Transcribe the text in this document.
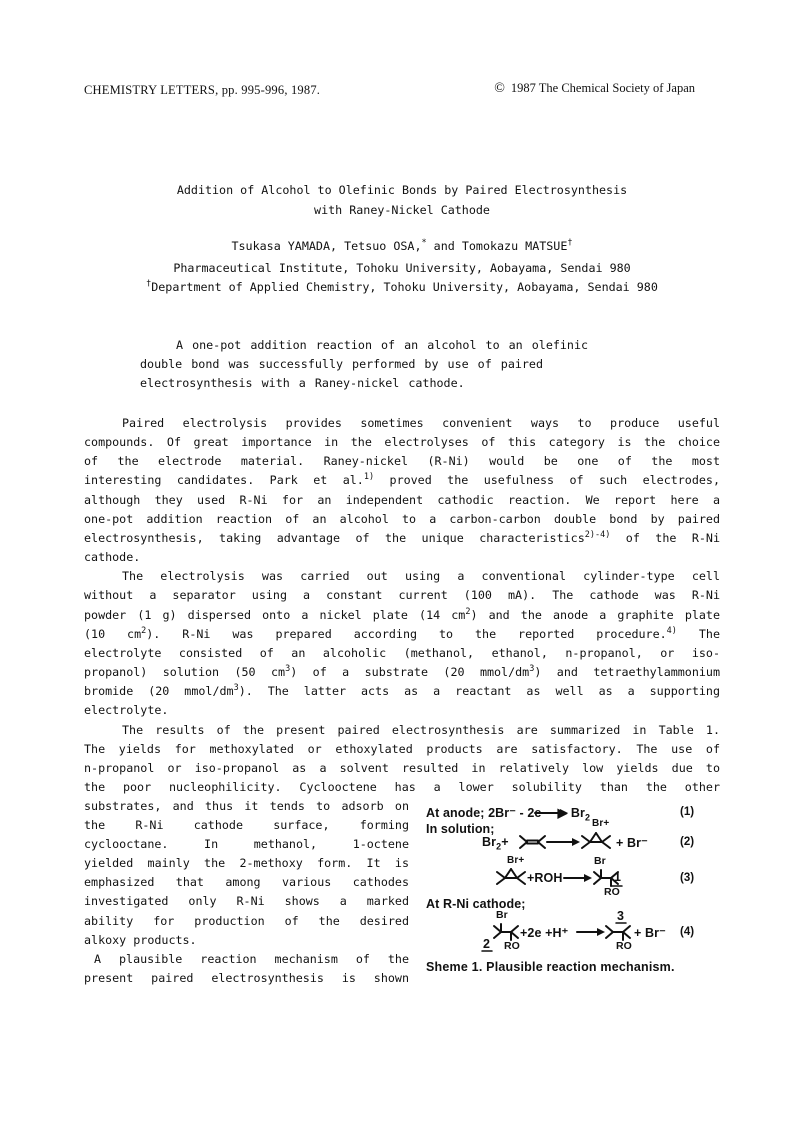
CHEMISTRY LETTERS, pp. 995-996, 1987.	© 1987 The Chemical Society of Japan
Addition of Alcohol to Olefinic Bonds by Paired Electrosynthesis
with Raney-Nickel Cathode
Tsukasa YAMADA, Tetsuo OSA,* and Tomokazu MATSUE†
Pharmaceutical Institute, Tohoku University, Aobayama, Sendai 980
†Department of Applied Chemistry, Tohoku University, Aobayama, Sendai 980
A one-pot addition reaction of an alcohol to an olefinic
double bond was successfully performed by use of paired
electrosynthesis with a Raney-nickel cathode.

Paired electrolysis provides sometimes convenient ways to produce useful

compounds. Of great importance in the electrolyses of this category is the choice

of the electrode material. Raney-nickel (R-Ni) would be one of the most

interesting candidates. Park et al.$^{1)}$ proved the usefulness of such electrodes,

although they used R-Ni for an independent cathodic reaction. We report here a

one-pot addition reaction of an alcohol to a carbon-carbon double bond by paired

electrosynthesis, taking advantage of the unique characteristics$^{2)-4)}$ of the R-Ni

cathode.

The electrolysis was carried out using a conventional cylinder-type cell

without a separator using a constant current (100 mA). The cathode was R-Ni

powder (1 g) dispersed onto a nickel plate (14 $cm^2$) and the anode a graphite plate

(10 $cm^2$). R-Ni was prepared according to the reported procedure.$^{4)}$ The

electrolyte consisted of an alcoholic (methanol, ethanol, n-propanol, or iso-

propanol) solution (50 $cm^3$) of a substrate (20 mmol/$dm^3$) and tetraethylammonium

bromide (20 mmol/$dm^3$). The latter acts as a reactant as well as a supporting

electrolyte.

The results of the present paired electrosynthesis are summarized in Table 1.

The yields for methoxylated or ethoxylated products are satisfactory. The use of

n-propanol or iso-propanol as a solvent resulted in relatively low yields due to

the poor nucleophilicity. Cyclooctene has a lower solubility than the other

substrates, and thus it tends to adsorb on
the R-Ni cathode surface, forming
cyclooctane. In methanol, 1-octene
yielded mainly the 2-methoxy form. It is
emphasized that among various cathodes
investigated only R-Ni shows a marked
ability for production of the desired
alkoxy products.
A plausible reaction mechanism of the
present paired electrosynthesis is shown
At anode; 2Br⁻ - 2e —▶ $Br_2$	(1)
In solution;
$Br_2+$
Br+
+ Br⁻	(2)
Br+
+ROH
Br
RO
1	(3)
At R-Ni cathode;
Br
RO
2
+2e +H⁺
3
RO
+ Br⁻ (4)
Sheme 1. Plausible reaction mechanism.
